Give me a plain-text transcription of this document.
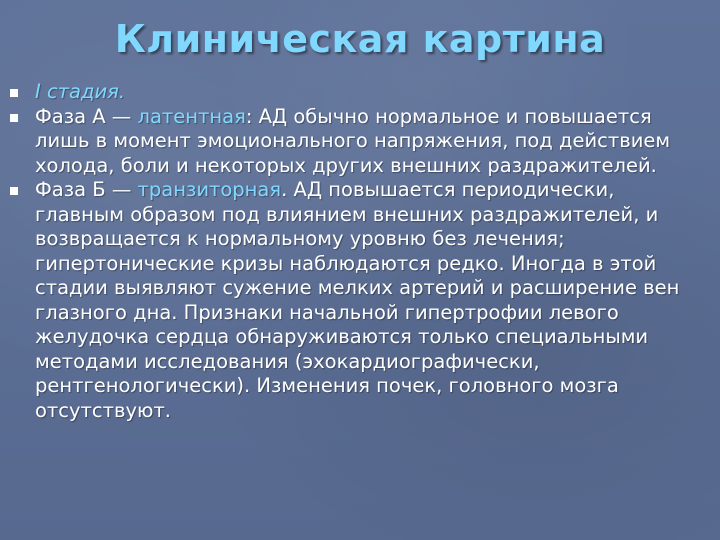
Клиническая картина
I стадия.
Фаза А — латентная: АД обычно нормальное и повышается лишь в момент эмоционального напряжения, под действием холода, боли и некоторых других внешних раздражителей.
Фаза Б — транзиторная. АД повышается периодически, главным образом под влиянием внешних раздражителей, и возвращается к нормальному уровню без лечения; гипертонические кризы наблюдаются редко. Иногда в этой стадии выявляют сужение мелких артерий и расширение вен глазного дна. Признаки начальной гипертрофии левого желудочка сердца обнаруживаются только специальными методами исследования (эхокардиографически, рентгенологически). Изменения почек, головного мозга отсутствуют.
